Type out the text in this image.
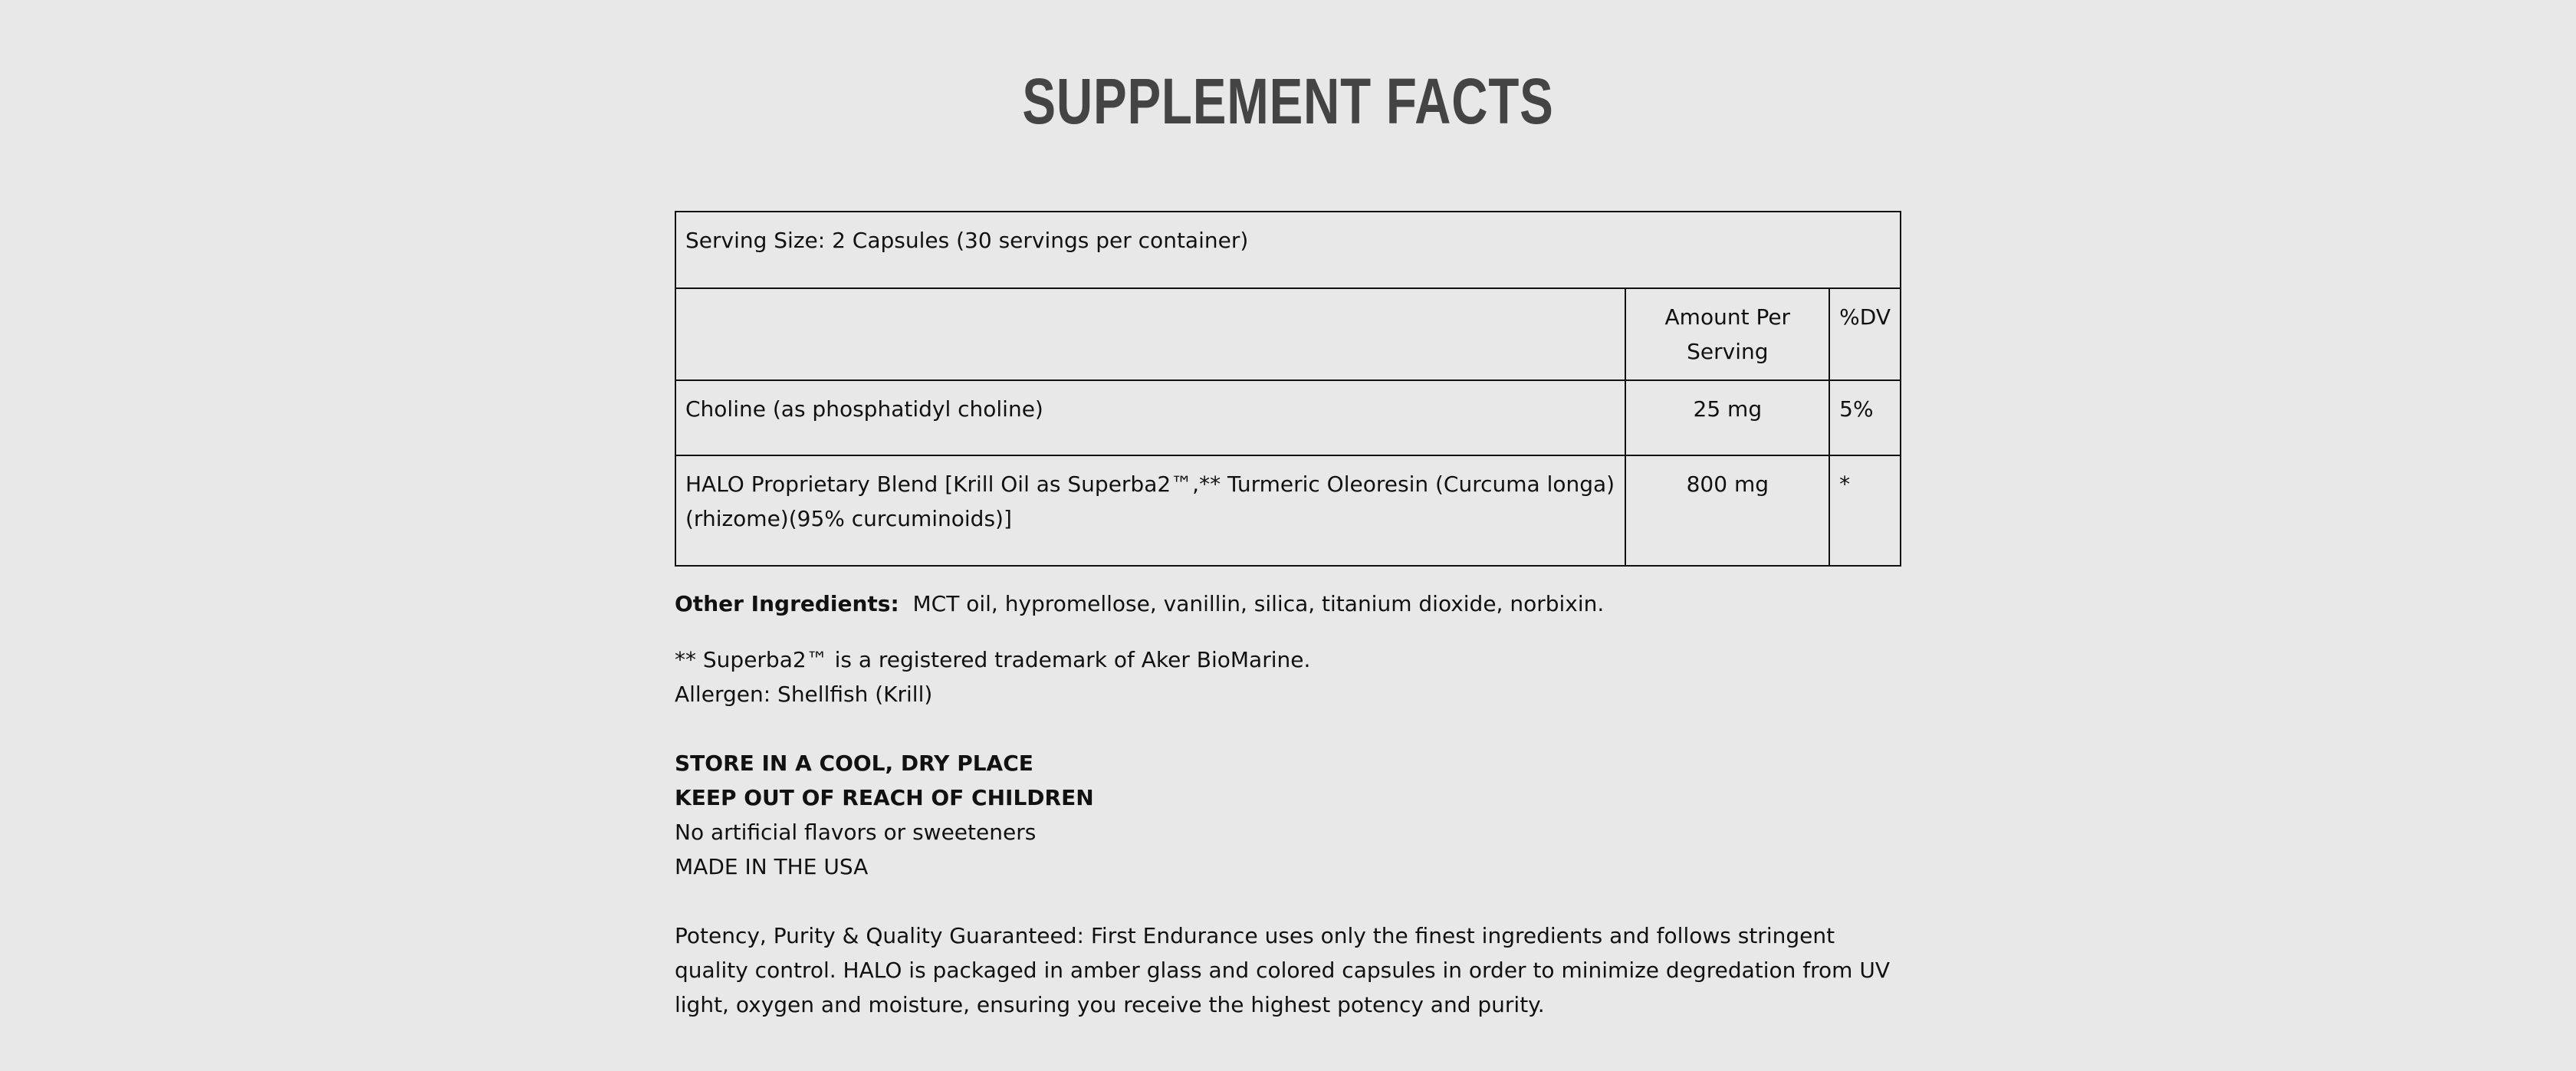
SUPPLEMENT FACTS
Serving Size: 2 Capsules (30 servings per container)		
	Amount Per Serving	%DV
Choline (as phosphatidyl choline)	25 mg	5%
HALO Proprietary Blend [Krill Oil as Superba2™,** Turmeric Oleoresin (Curcuma longa) (rhizome)(95% curcuminoids)]	800 mg	*
Other Ingredients: MCT oil, hypromellose, vanillin, silica, titanium dioxide, norbixin.
** Superba2™ is a registered trademark of Aker BioMarine.
Allergen: Shellfish (Krill)
STORE IN A COOL, DRY PLACE
KEEP OUT OF REACH OF CHILDREN
No artificial flavors or sweeteners
MADE IN THE USA

Potency, Purity & Quality Guaranteed: First Endurance uses only the finest ingredients and follows stringent quality control. HALO is packaged in amber glass and colored capsules in order to minimize degredation from UV light, oxygen and moisture, ensuring you receive the highest potency and purity.
